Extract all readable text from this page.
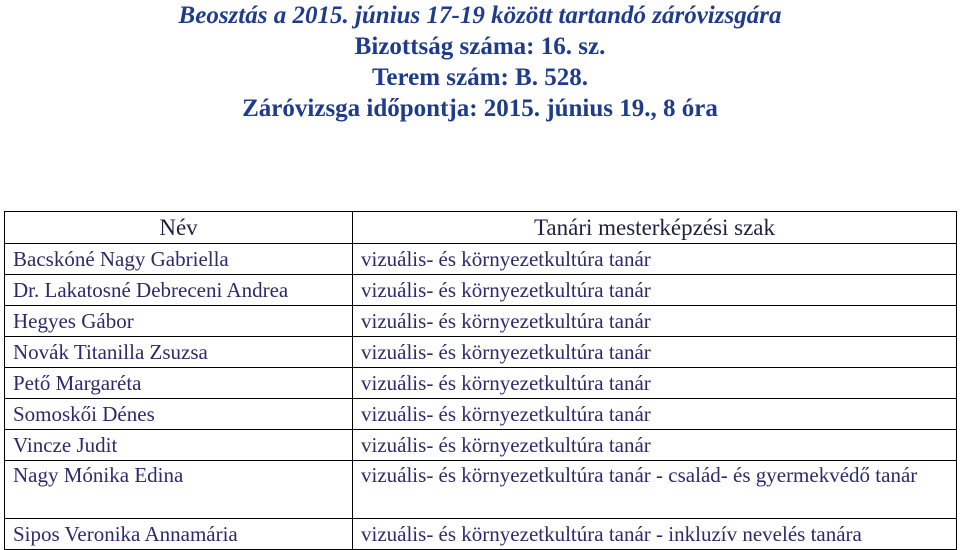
Beosztás a 2015. június 17-19 között tartandó záróvizsgára
Bizottság száma: 16. sz.
Terem szám: B. 528.
Záróvizsga időpontja: 2015. június 19., 8 óra
Név	Tanári mesterképzési szak
Bacskóné Nagy Gabriella	vizuális- és környezetkultúra tanár
Dr. Lakatosné Debreceni Andrea	vizuális- és környezetkultúra tanár
Hegyes Gábor	vizuális- és környezetkultúra tanár
Novák Titanilla Zsuzsa	vizuális- és környezetkultúra tanár
Pető Margaréta	vizuális- és környezetkultúra tanár
Somoskői Dénes	vizuális- és környezetkultúra tanár
Vincze Judit	vizuális- és környezetkultúra tanár
Nagy Mónika Edina	vizuális- és környezetkultúra tanár - család- és gyermekvédő tanár
Sipos Veronika Annamária	vizuális- és környezetkultúra tanár - inkluzív nevelés tanára
